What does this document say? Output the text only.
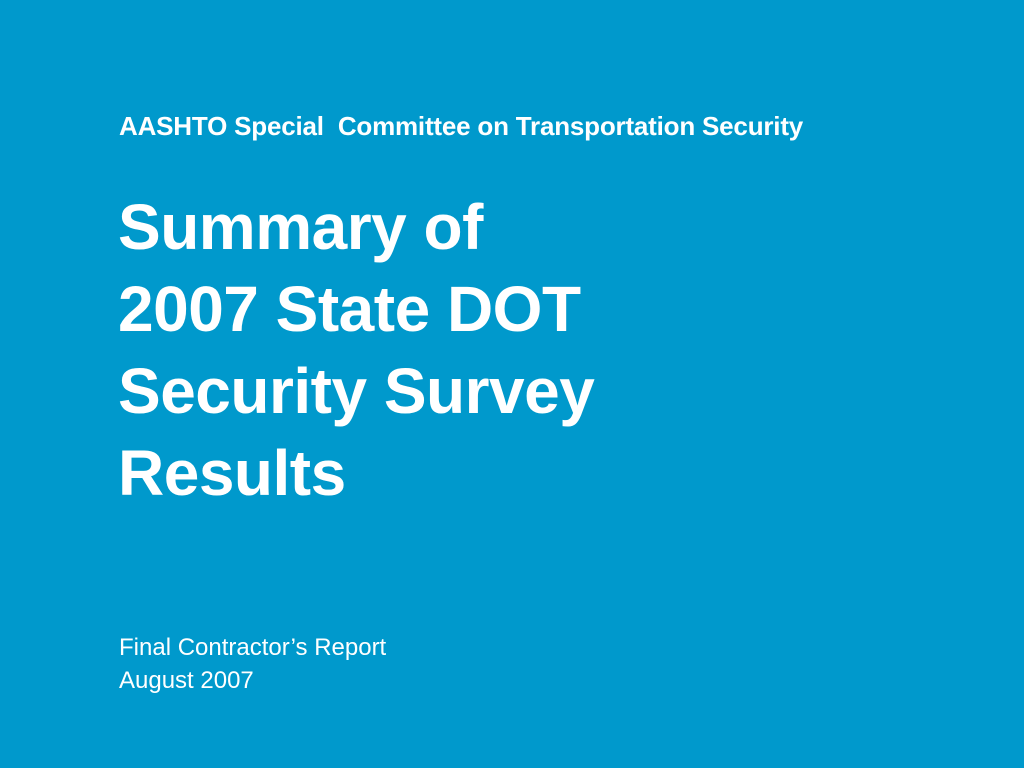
AASHTO Special  Committee on Transportation Security
Summary of
2007 State DOT
Security Survey
Results
Final Contractor’s Report
August 2007
